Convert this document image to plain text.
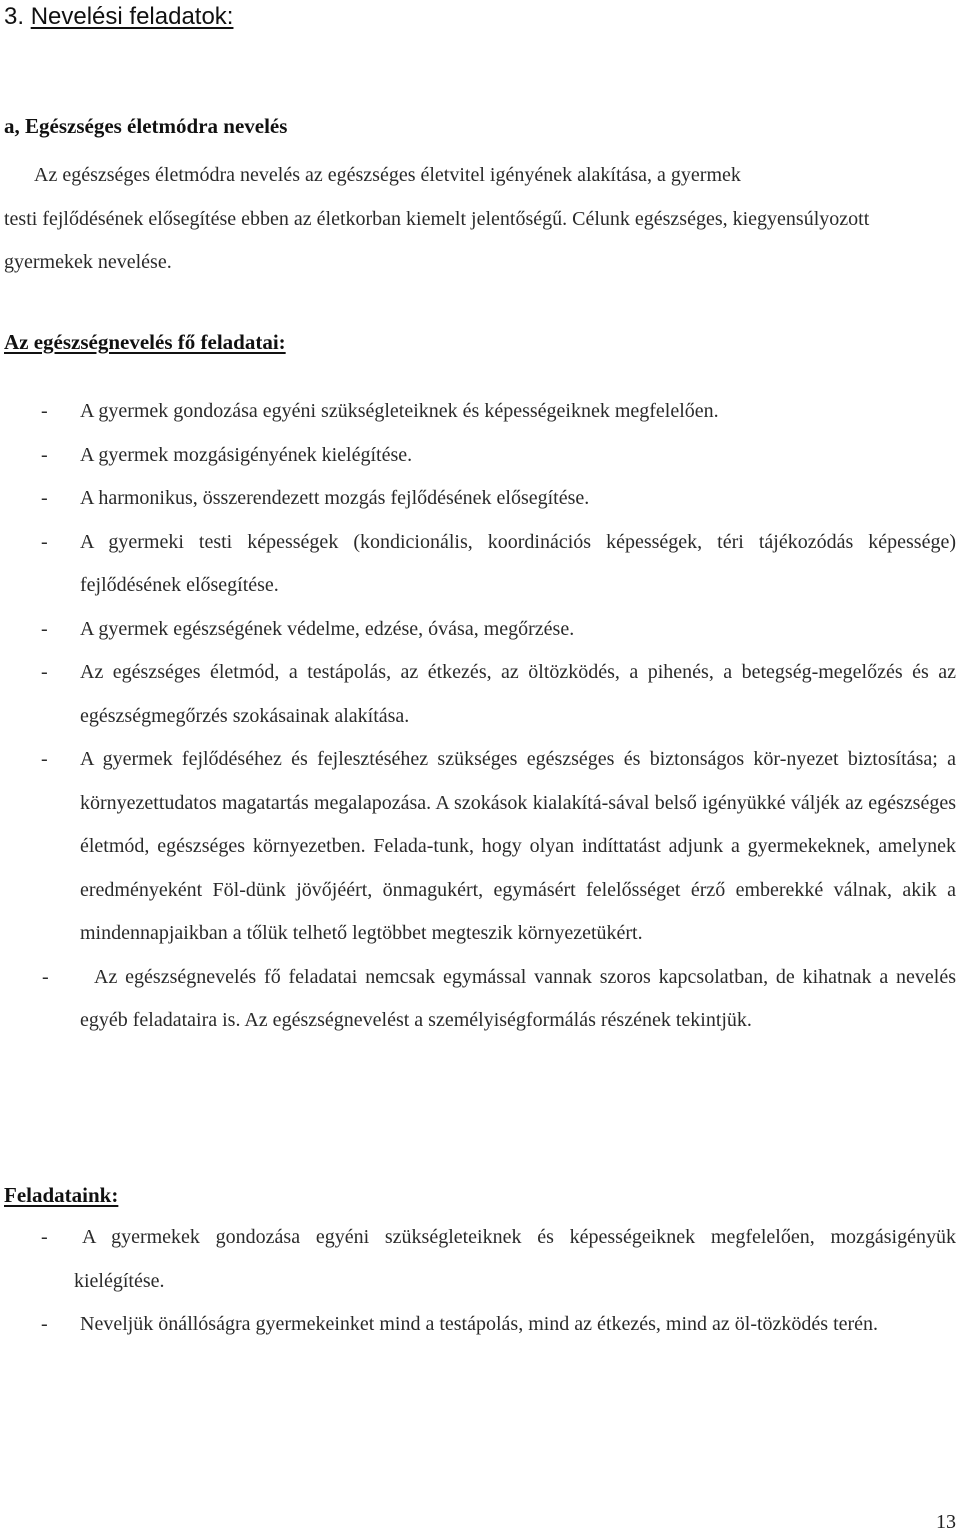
3. Nevelési feladatok:
a, Egészséges életmódra nevelés

Az egészséges életmódra nevelés az egészséges életvitel igényének alakítása, a gyermek
testi fejlődésének elősegítése ebben az életkorban kiemelt jelentőségű. Célunk egészséges, kiegyensúlyozott gyermekek nevelése.

Az egészségnevelés fő feladatai:
- A gyermek gondozása egyéni szükségleteiknek és képességeiknek megfelelően.
- A gyermek mozgásigényének kielégítése.
- A harmonikus, összerendezett mozgás fejlődésének elősegítése.
- A gyermeki testi képességek (kondicionális, koordinációs képességek, téri tájékozódás képessége) fejlődésének elősegítése.
- A gyermek egészségének védelme, edzése, óvása, megőrzése.
- Az egészséges életmód, a testápolás, az étkezés, az öltözködés, a pihenés, a betegség-megelőzés és az egészségmegőrzés szokásainak alakítása.
- A gyermek fejlődéséhez és fejlesztéséhez szükséges egészséges és biztonságos kör-nyezet biztosítása; a környezettudatos magatartás megalapozása. A szokások kialakítá-sával belső igényükké váljék az egészséges életmód, egészséges környezetben. Felada-tunk, hogy olyan indíttatást adjunk a gyermekeknek, amelynek eredményeként Föl-dünk jövőjéért, önmagukért, egymásért felelősséget érző emberekké válnak, akik a mindennapjaikban a tőlük telhető legtöbbet megteszik környezetükért.
-	Az egészségnevelés fő feladatai nemcsak egymással vannak szoros kapcsolatban, de kihatnak a nevelés egyéb feladataira is. Az egészségnevelést a személyiségformálás részének tekintjük.
Feladataink:
-	A gyermekek gondozása egyéni szükségleteiknek és képességeiknek megfelelően, mozgásigényük kielégítése.
- Neveljük önállóságra gyermekeinket mind a testápolás, mind az étkezés, mind az öl-tözködés terén.
13
